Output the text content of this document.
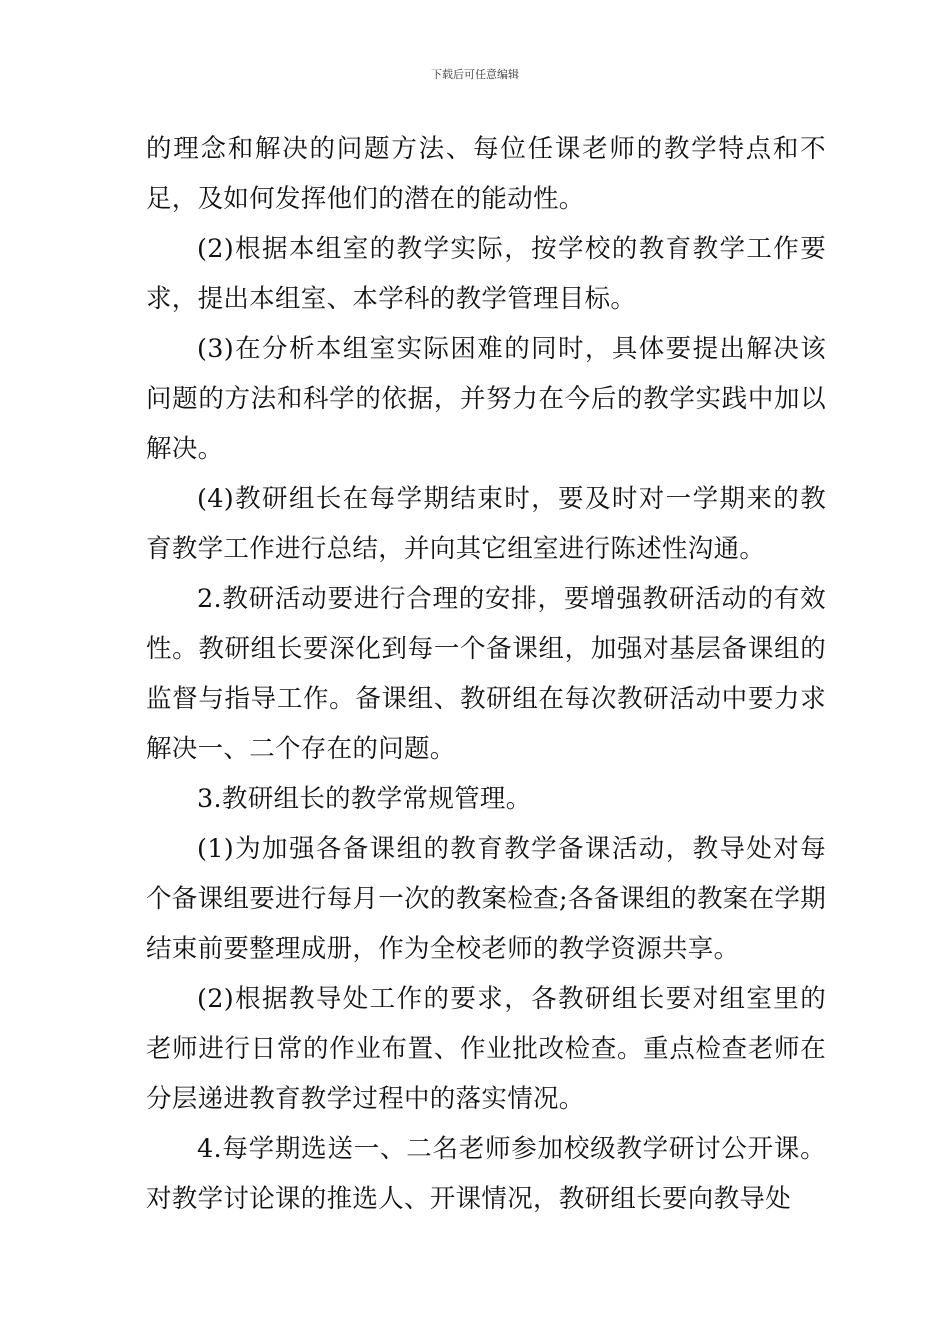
下载后可任意编辑

的理念和解决的问题方法、每位任课老师的教学特点和不足，及如何发挥他们的潜在的能动性。

(2)根据本组室的教学实际，按学校的教育教学工作要求，提出本组室、本学科的教学管理目标。

(3)在分析本组室实际困难的同时，具体要提出解决该问题的方法和科学的依据，并努力在今后的教学实践中加以解决。

(4)教研组长在每学期结束时，要及时对一学期来的教育教学工作进行总结，并向其它组室进行陈述性沟通。

2.教研活动要进行合理的安排，要增强教研活动的有效性。教研组长要深化到每一个备课组，加强对基层备课组的监督与指导工作。备课组、教研组在每次教研活动中要力求解决一、二个存在的问题。

3.教研组长的教学常规管理。

(1)为加强各备课组的教育教学备课活动，教导处对每个备课组要进行每月一次的教案检查;各备课组的教案在学期结束前要整理成册，作为全校老师的教学资源共享。

(2)根据教导处工作的要求，各教研组长要对组室里的老师进行日常的作业布置、作业批改检查。重点检查老师在分层递进教育教学过程中的落实情况。

4.每学期选送一、二名老师参加校级教学研讨公开课。对教学讨论课的推选人、开课情况，教研组长要向教导处
